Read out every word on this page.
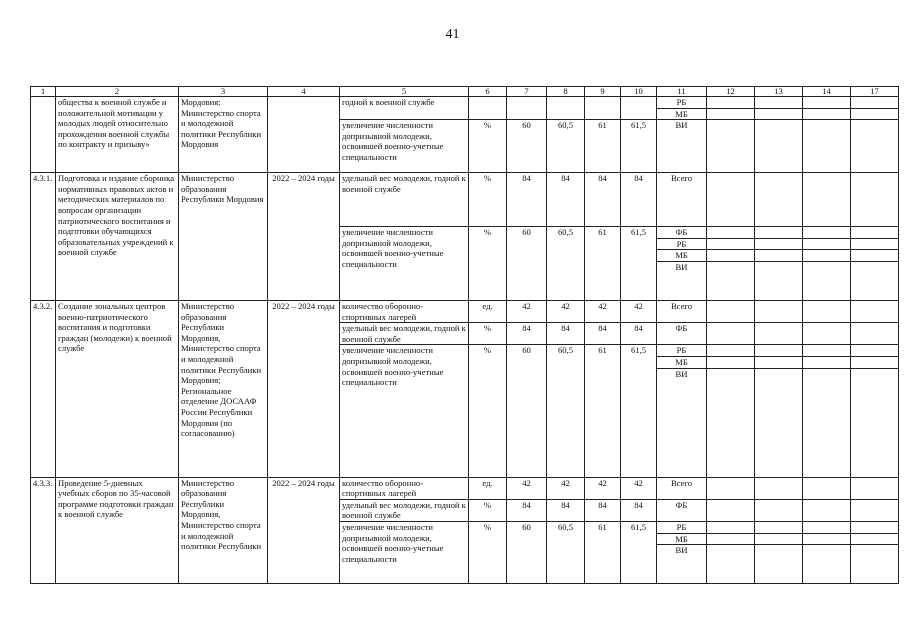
41
1	2	3	4	5	6	7	8	9	10	11	12	13	14	17
	общества к военной службе и положительной мотивации у молодых людей относительно прохождения военной службы по контракту и призыву»	Мордовия;
Министерство спорта и молодежной политики Республики Мордовия		годной к военной службе						РБ				
										МБ				
				увеличение численности допризывной молодежи, освоившей военно-учетные специальности	%	60	60,5	61	61,5	ВИ				
4.3.1.	Подготовка и издание сборника нормативных правовых актов и методических материалов по вопросам организации патриотического воспитания и подготовки обучающихся образовательных учреждений к военной службе	Министерство образования Республики Мордовия	2022 – 2024 годы	удельный вес молодежи, годной к военной службе	%	84	84	84	84	Всего				
				увеличение численности допризывной молодежи, освоившей военно-учетные специальности	%	60	60,5	61	61,5	ФБ				
										РБ				
										МБ				
										ВИ				
4.3.2.	Создание зональных центров военно-патриотического воспитания и подготовки граждан (молодежи) к военной службе	Министерство образования Республики Мордовия, Министерство спорта и молодежной политики Республики Мордовия; Региональное отделение ДОСААФ России Республики Мордовия (по согласованию)	2022 – 2024 годы	количество оборонно-спортивных лагерей	ед.	42	42	42	42	Всего				
				удельный вес молодежи, годной к военной службе	%	84	84	84	84	ФБ				
				увеличение численности допризывной молодежи, освоившей военно-учетные специальности	%	60	60,5	61	61,5	РБ				
										МБ				
										ВИ				
4.3.3.	Проведение 5-дневных учебных сборов по 35-часовой программе подготовки граждан к военной службе	Министерство образования Республики Мордовия, Министерство спорта и молодежной политики Республики	2022 – 2024 годы	количество оборонно-спортивных лагерей	ед.	42	42	42	42	Всего				
				удельный вес молодежи, годной к военной службе	%	84	84	84	84	ФБ				
				увеличение численности допризывной молодежи, освоившей военно-учетные специальности	%	60	60,5	61	61,5	РБ				
										МБ				
										ВИ				
